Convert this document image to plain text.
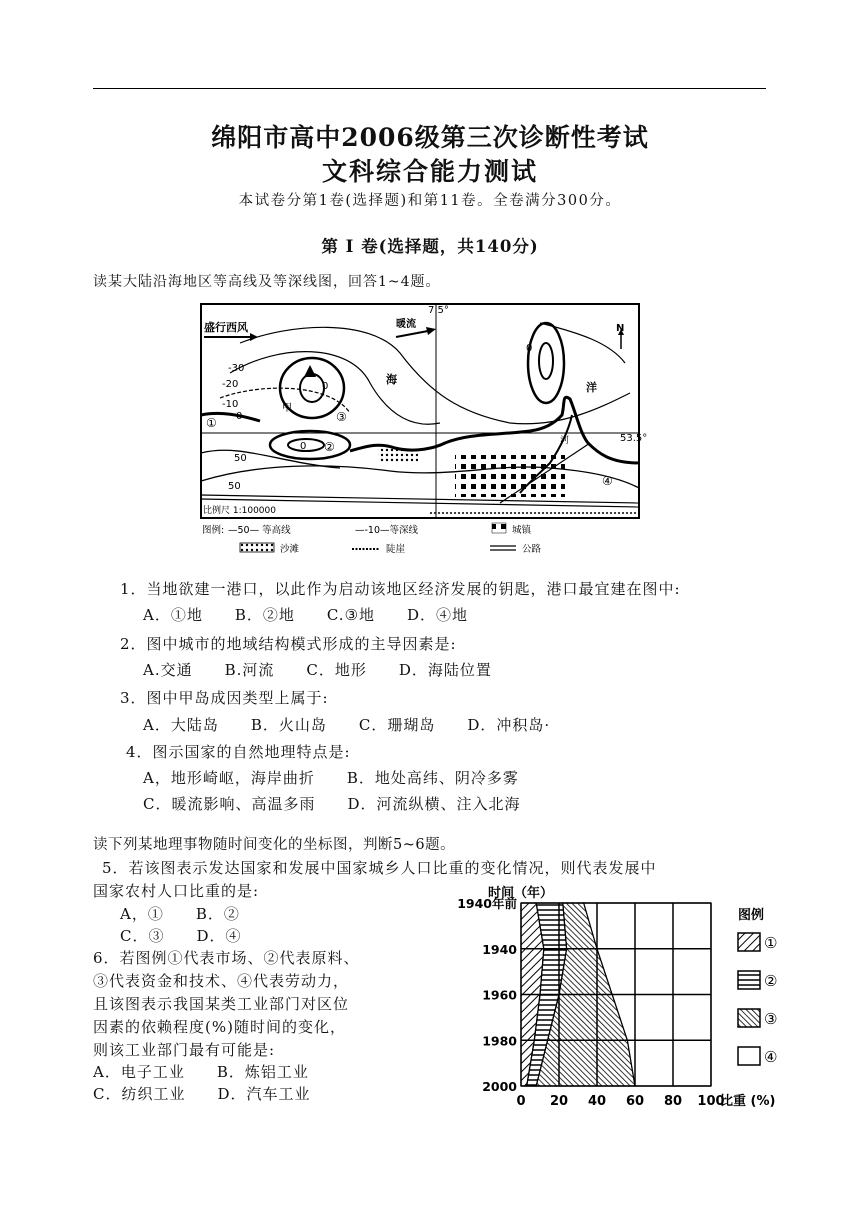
绵阳市高中2006级第三次诊断性考试
文科综合能力测试
本试卷分第1卷(选择题)和第11卷。全卷满分300分。
第 Ⅰ 卷(选择题，共140分)
读某大陆沿海地区等高线及等深线图，回答1~4题。
盛行西风	暖流
7.5°
N
海
洋
甲
河	53.5°
-30
-20
-10
0
50
50
0
0
0
①
②
③
④
比例尺 1:100000
图例: —50— 等高线	—-10—等深线	城镇
沙滩	陡崖	公路
1．当地欲建一港口，以此作为启动该地区经济发展的钥匙，港口最宜建在图中:
A．①地　　B．②地　　C.③地　　D．④地
2．图中城市的地域结构模式形成的主导因素是:
A.交通　　B.河流　　C．地形　　D．海陆位置
3．图中甲岛成因类型上属于:
A．大陆岛　　B．火山岛　　C．珊瑚岛　　D．冲积岛·
4．图示国家的自然地理特点是:
A，地形崎岖，海岸曲折　　B．地处高纬、阴冷多雾
C．暖流影响、高温多雨　　D．河流纵横、注入北海
读下列某地理事物随时间变化的坐标图，判断5~6题。
5．若该图表示发达国家和发展中国家城乡人口比重的变化情况，则代表发展中
国家农村人口比重的是:
A，①　　B．②
C．③　　D．④
6．若图例①代表市场、②代表原料、
③代表资金和技术、④代表劳动力，
且该图表示我国某类工业部门对区位
因素的依赖程度(%)随时间的变化，
则该工业部门最有可能是:
A．电子工业　　B．炼铝工业
C．纺织工业　　D．汽车工业	0 20 40 60 80 100
1940年前
1940
1960
1980
2000
时间（年）
比重 (%)
图例
①
②
③
④
